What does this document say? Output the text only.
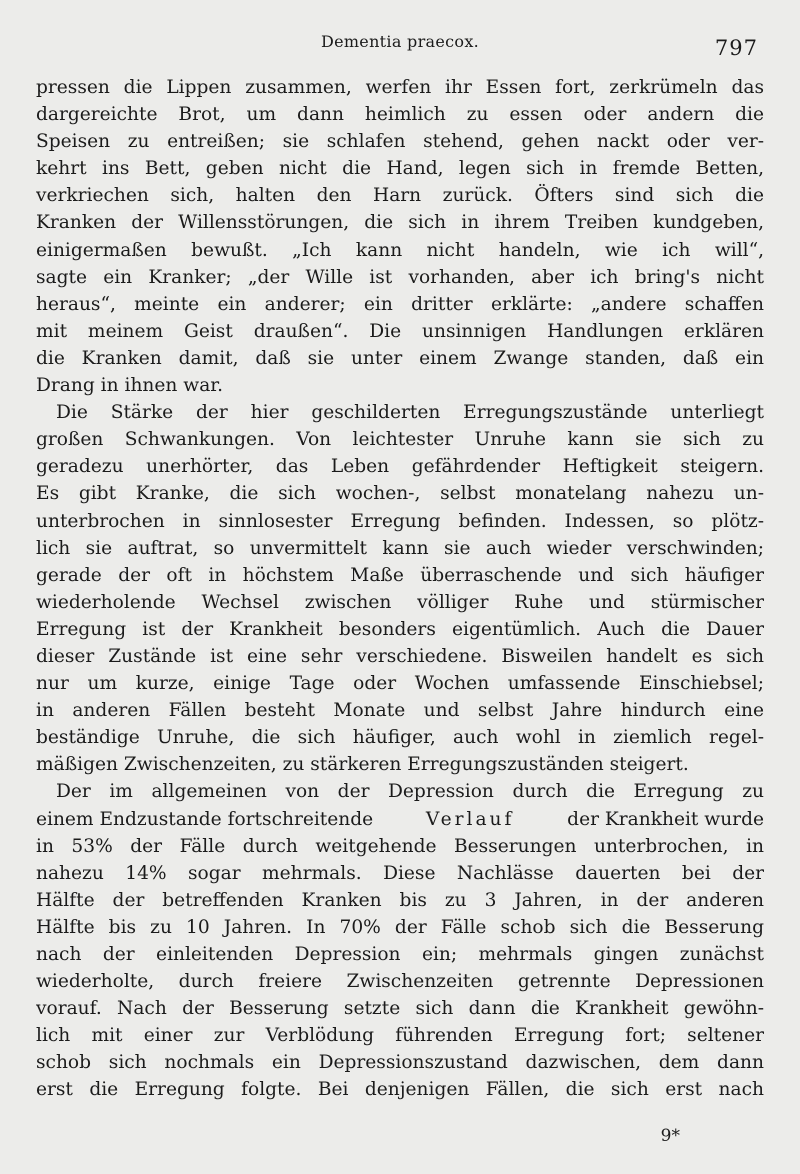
Dementia praecox.	797
pressen die Lippen zusammen, werfen ihr Essen fort, zerkrümeln das
dargereichte Brot, um dann heimlich zu essen oder andern die
Speisen zu entreißen; sie schlafen stehend, gehen nackt oder ver-
kehrt ins Bett, geben nicht die Hand, legen sich in fremde Betten,
verkriechen sich, halten den Harn zurück. Öfters sind sich die
Kranken der Willensstörungen, die sich in ihrem Treiben kundgeben,
einigermaßen bewußt. „Ich kann nicht handeln, wie ich will“,
sagte ein Kranker; „der Wille ist vorhanden, aber ich bring's nicht
heraus“, meinte ein anderer; ein dritter erklärte: „andere schaffen
mit meinem Geist draußen“. Die unsinnigen Handlungen erklären
die Kranken damit, daß sie unter einem Zwange standen, daß ein
Drang in ihnen war.
Die Stärke der hier geschilderten Erregungszustände unterliegt
großen Schwankungen. Von leichtester Unruhe kann sie sich zu
geradezu unerhörter, das Leben gefährdender Heftigkeit steigern.
Es gibt Kranke, die sich wochen-, selbst monatelang nahezu un-
unterbrochen in sinnlosester Erregung befinden. Indessen, so plötz-
lich sie auftrat, so unvermittelt kann sie auch wieder verschwinden;
gerade der oft in höchstem Maße überraschende und sich häufiger
wiederholende Wechsel zwischen völliger Ruhe und stürmischer
Erregung ist der Krankheit besonders eigentümlich. Auch die Dauer
dieser Zustände ist eine sehr verschiedene. Bisweilen handelt es sich
nur um kurze, einige Tage oder Wochen umfassende Einschiebsel;
in anderen Fällen besteht Monate und selbst Jahre hindurch eine
beständige Unruhe, die sich häufiger, auch wohl in ziemlich regel-
mäßigen Zwischenzeiten, zu stärkeren Erregungszuständen steigert.
Der im allgemeinen von der Depression durch die Erregung zu
einem Endzustande fortschreitende	Verlauf	der Krankheit wurde
in 53% der Fälle durch weitgehende Besserungen unterbrochen, in
nahezu 14% sogar mehrmals. Diese Nachlässe dauerten bei der
Hälfte der betreffenden Kranken bis zu 3 Jahren, in der anderen
Hälfte bis zu 10 Jahren. In 70% der Fälle schob sich die Besserung
nach der einleitenden Depression ein; mehrmals gingen zunächst
wiederholte, durch freiere Zwischenzeiten getrennte Depressionen
vorauf. Nach der Besserung setzte sich dann die Krankheit gewöhn-
lich mit einer zur Verblödung führenden Erregung fort; seltener
schob sich nochmals ein Depressionszustand dazwischen, dem dann
erst die Erregung folgte. Bei denjenigen Fällen, die sich erst nach
9*
